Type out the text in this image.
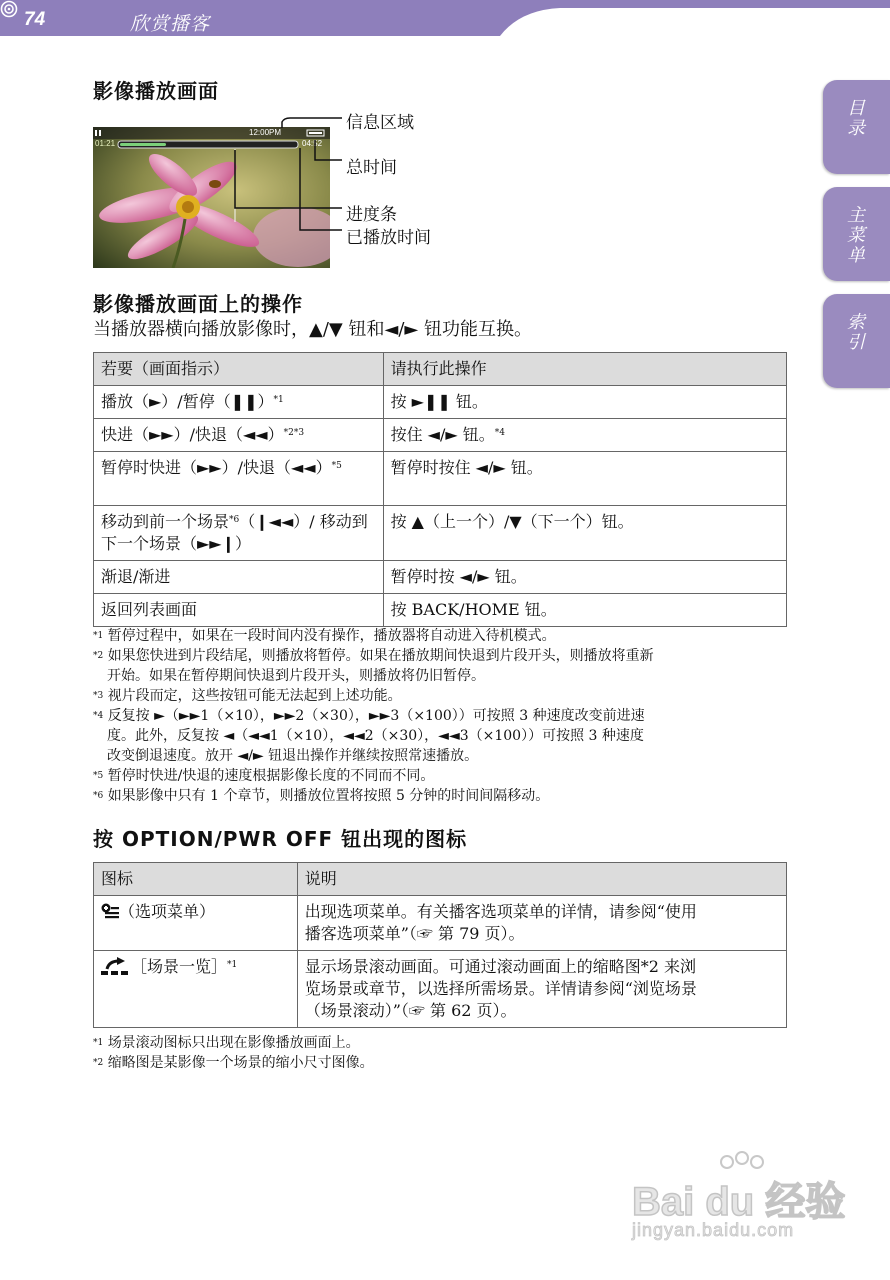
74	欣赏播客
目录
主菜单
索引
影像播放画面
12:00PM
01:21	04:52
信息区域
总时间
进度条
已播放时间
影像播放画面上的操作
当播放器横向播放影像时，▲/▼ 钮和◄/► 钮功能互换。
若要（画面指示）	请执行此操作
播放（►）/暂停（❚❚）$^{*1}$	按 ►❚❚ 钮。
快进（►►）/快退（◄◄）$^{*2*3}$	按住 ◄/► 钮。$^{*4}$
暂停时快进（►►）/快退（◄◄）$^{*5}$	暂停时按住 ◄/► 钮。
移动到前一个场景$^{*6}$（❙◄◄）/ 移动到下一个场景（►►❙）	按 ▲（上一个）/▼（下一个）钮。
渐退/渐进	暂停时按 ◄/► 钮。
返回列表画面	按 BACK/HOME 钮。
$^{*1}$ 暂停过程中，如果在一段时间内没有操作，播放器将自动进入待机模式。
$^{*2}$ 如果您快进到片段结尾，则播放将暂停。如果在播放期间快退到片段开头，则播放将重新
开始。如果在暂停期间快退到片段开头，则播放将仍旧暂停。
$^{*3}$ 视片段而定，这些按钮可能无法起到上述功能。
$^{*4}$ 反复按 ►（►►1（×10），►►2（×30），►►3（×100））可按照 3 种速度改变前进速
度。此外，反复按 ◄（◄◄1（×10），◄◄2（×30），◄◄3（×100））可按照 3 种速度
改变倒退速度。放开 ◄/► 钮退出操作并继续按照常速播放。
$^{*5}$ 暂停时快进/快退的速度根据影像长度的不同而不同。
$^{*6}$ 如果影像中只有 1 个章节，则播放位置将按照 5 分钟的时间间隔移动。
按 OPTION/PWR OFF 钮出现的图标
图标	说明
（选项菜单）	出现选项菜单。有关播客选项菜单的详情，请参阅“使用
播客选项菜单”（☞ 第 79 页）。

［场景一览］$^{*1}$	显示场景滚动画面。可通过滚动画面上的缩略图*2 来浏
览场景或章节，以选择所需场景。详情请参阅“浏览场景
（场景滚动）”（☞ 第 62 页）。
$^{*1}$ 场景滚动图标只出现在影像播放画面上。
$^{*2}$ 缩略图是某影像一个场景的缩小尺寸图像。
Bai du 经验
jingyan.baidu.com
